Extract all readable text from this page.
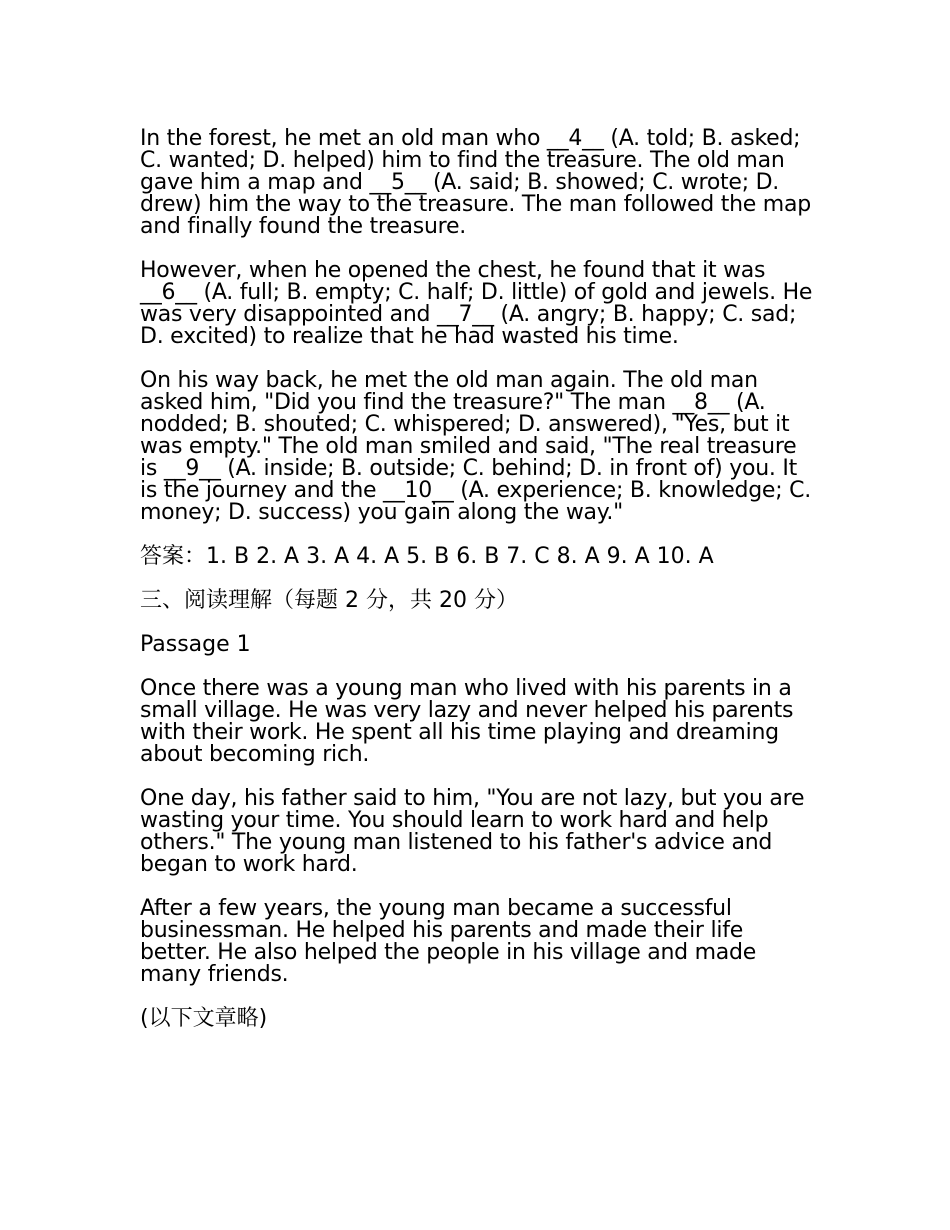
In the forest, he met an old man who __4__ (A. told; B. asked; C. wanted; D. helped) him to find the treasure. The old man gave him a map and __5__ (A. said; B. showed; C. wrote; D. drew) him the way to the treasure. The man followed the map and finally found the treasure.

However, when he opened the chest, he found that it was __6__ (A. full; B. empty; C. half; D. little) of gold and jewels. He was very disappointed and __7__ (A. angry; B. happy; C. sad; D. excited) to realize that he had wasted his time.

On his way back, he met the old man again. The old man asked him, "Did you find the treasure?" The man __8__ (A. nodded; B. shouted; C. whispered; D. answered), "Yes, but it was empty." The old man smiled and said, "The real treasure is __9__ (A. inside; B. outside; C. behind; D. in front of) you. It is the journey and the __10__ (A. experience; B. knowledge; C. money; D. success) you gain along the way."

答案：1. B 2. A 3. A 4. A 5. B 6. B 7. C 8. A 9. A 10. A

三、阅读理解（每题 2 分，共 20 分）

Passage 1

Once there was a young man who lived with his parents in a small village. He was very lazy and never helped his parents with their work. He spent all his time playing and dreaming about becoming rich.

One day, his father said to him, "You are not lazy, but you are wasting your time. You should learn to work hard and help others." The young man listened to his father's advice and began to work hard.

After a few years, the young man became a successful businessman. He helped his parents and made their life better. He also helped the people in his village and made many friends.

(以下文章略)
